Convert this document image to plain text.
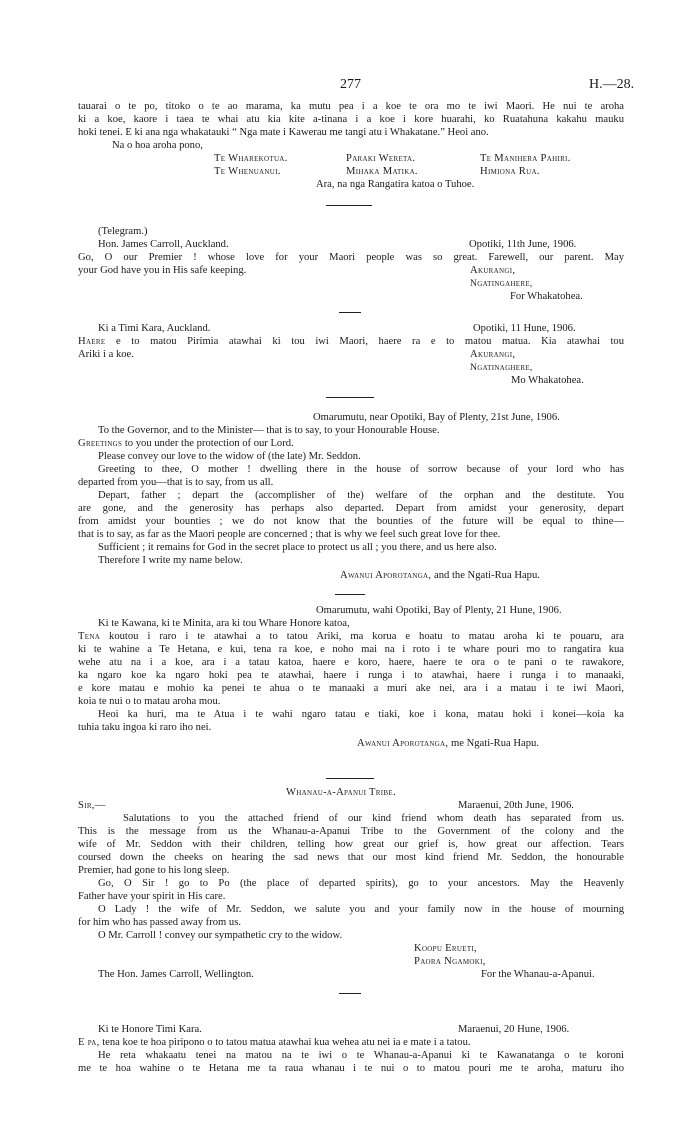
277	H.—28.
tauarai o te po, titoko o te ao marama, ka mutu pea i a koe te ora mo te iwi Maori. He nui te aroha
ki a koe, kaore i taea te whai atu kia kite a-tinana i a koe i kore huarahi, ko Ruatahuna kakahu mauku
hoki tenei. E ki ana nga whakatauki “ Nga mate i Kawerau me tangi atu i Whakatane.” Heoi ano.
Na o hoa aroha pono,
Te Wharekotua.	Paraki Wereta.	Te Manihera Pahiri.
Te Whenuanui.	Mihaka Matika.	Himiona Rua.
Ara, na nga Rangatira katoa o Tuhoe.
(Telegram.)
Hon. James Carroll, Auckland.	Opotiki, 11th June, 1906.
Go, O our Premier ! whose love for your Maori people was so great. Farewell, our parent. May
your God have you in His safe keeping.	Akurangi,
Ngatingahere,
For Whakatohea.
Ki a Timi Kara, Auckland.	Opotiki, 11 Hune, 1906.
Haere e to matou Pirimia atawhai ki tou iwi Maori, haere ra e to matou matua. Kia atawhai tou
Ariki i a koe.	Akurangi,
Ngatinaghere,
Mo Whakatohea.
Omarumutu, near Opotiki, Bay of Plenty, 21st June, 1906.
To the Governor, and to the Minister— that is to say, to your Honourable House.
Greetings to you under the protection of our Lord.
Please convey our love to the widow of (the late) Mr. Seddon.
Greeting to thee, O mother ! dwelling there in the house of sorrow because of your lord who has
departed from you—that is to say, from us all.
Depart, father ; depart the (accomplisher of the) welfare of the orphan and the destitute. You
are gone, and the generosity has perhaps also departed. Depart from amidst your generosity, depart
from amidst your bounties ; we do not know that the bounties of the future will be equal to thine—
that is to say, as far as the Maori people are concerned ; that is why we feel such great love for thee.
Sufficient ; it remains for God in the secret place to protect us all ; you there, and us here also.
Therefore I write my name below.
Awanui Aporotanga, and the Ngati-Rua Hapu.
Omarumutu, wahi Opotiki, Bay of Plenty, 21 Hune, 1906.
Ki te Kawana, ki te Minita, ara ki tou Whare Honore katoa,
Tena koutou i raro i te atawhai a to tatou Ariki, ma korua e hoatu to matau aroha ki te pouaru, ara
ki te wahine a Te Hetana, e kui, tena ra koe, e noho mai na i roto i te whare pouri mo to rangatira kua
wehe atu na i a koe, ara i a tatau katoa, haere e koro, haere, haere te ora o te pani o te rawakore,
ka ngaro koe ka ngaro hoki pea te atawhai, haere i runga i to atawhai, haere i runga i to manaaki,
e kore matau e mohio ka penei te ahua o te manaaki a muri ake nei, ara i a matau i te iwi Maori,
koia te nui o to matau aroha mou.
Heoi ka huri, ma te Atua i te wahi ngaro tatau e tiaki, koe i kona, matau hoki i konei—koia ka
tuhia taku ingoa ki raro iho nei.
Awanui Aporotanga, me Ngati-Rua Hapu.
Whanau-a-Apanui Tribe.
Sir,—	Maraenui, 20th June, 1906.
Salutations to you the attached friend of our kind friend whom death has separated from us.
This is the message from us the Whanau-a-Apanui Tribe to the Government of the colony and the
wife of Mr. Seddon with their children, telling how great our grief is, how great our affection. Tears
coursed down the cheeks on hearing the sad news that our most kind friend Mr. Seddon, the honourable
Premier, had gone to his long sleep.
Go, O Sir ! go to Po (the place of departed spirits), go to your ancestors. May the Heavenly
Father have your spirit in His care.
O Lady ! the wife of Mr. Seddon, we salute you and your family now in the house of mourning
for him who has passed away from us.
O Mr. Carroll ! convey our sympathetic cry to the widow.
Koopu Erueti,
Paora Ngamoki,
The Hon. James Carroll, Wellington.	For the Whanau-a-Apanui.
Ki te Honore Timi Kara.	Maraenui, 20 Hune, 1906.
E pa, tena koe te hoa piripono o to tatou matua atawhai kua wehea atu nei ia e mate i a tatou.
He reta whakaatu tenei na matou na te iwi o te Whanau-a-Apanui ki te Kawanatanga o te koroni
me te hoa wahine o te Hetana me ta raua whanau i te nui o to matou pouri me te aroha, maturu iho
